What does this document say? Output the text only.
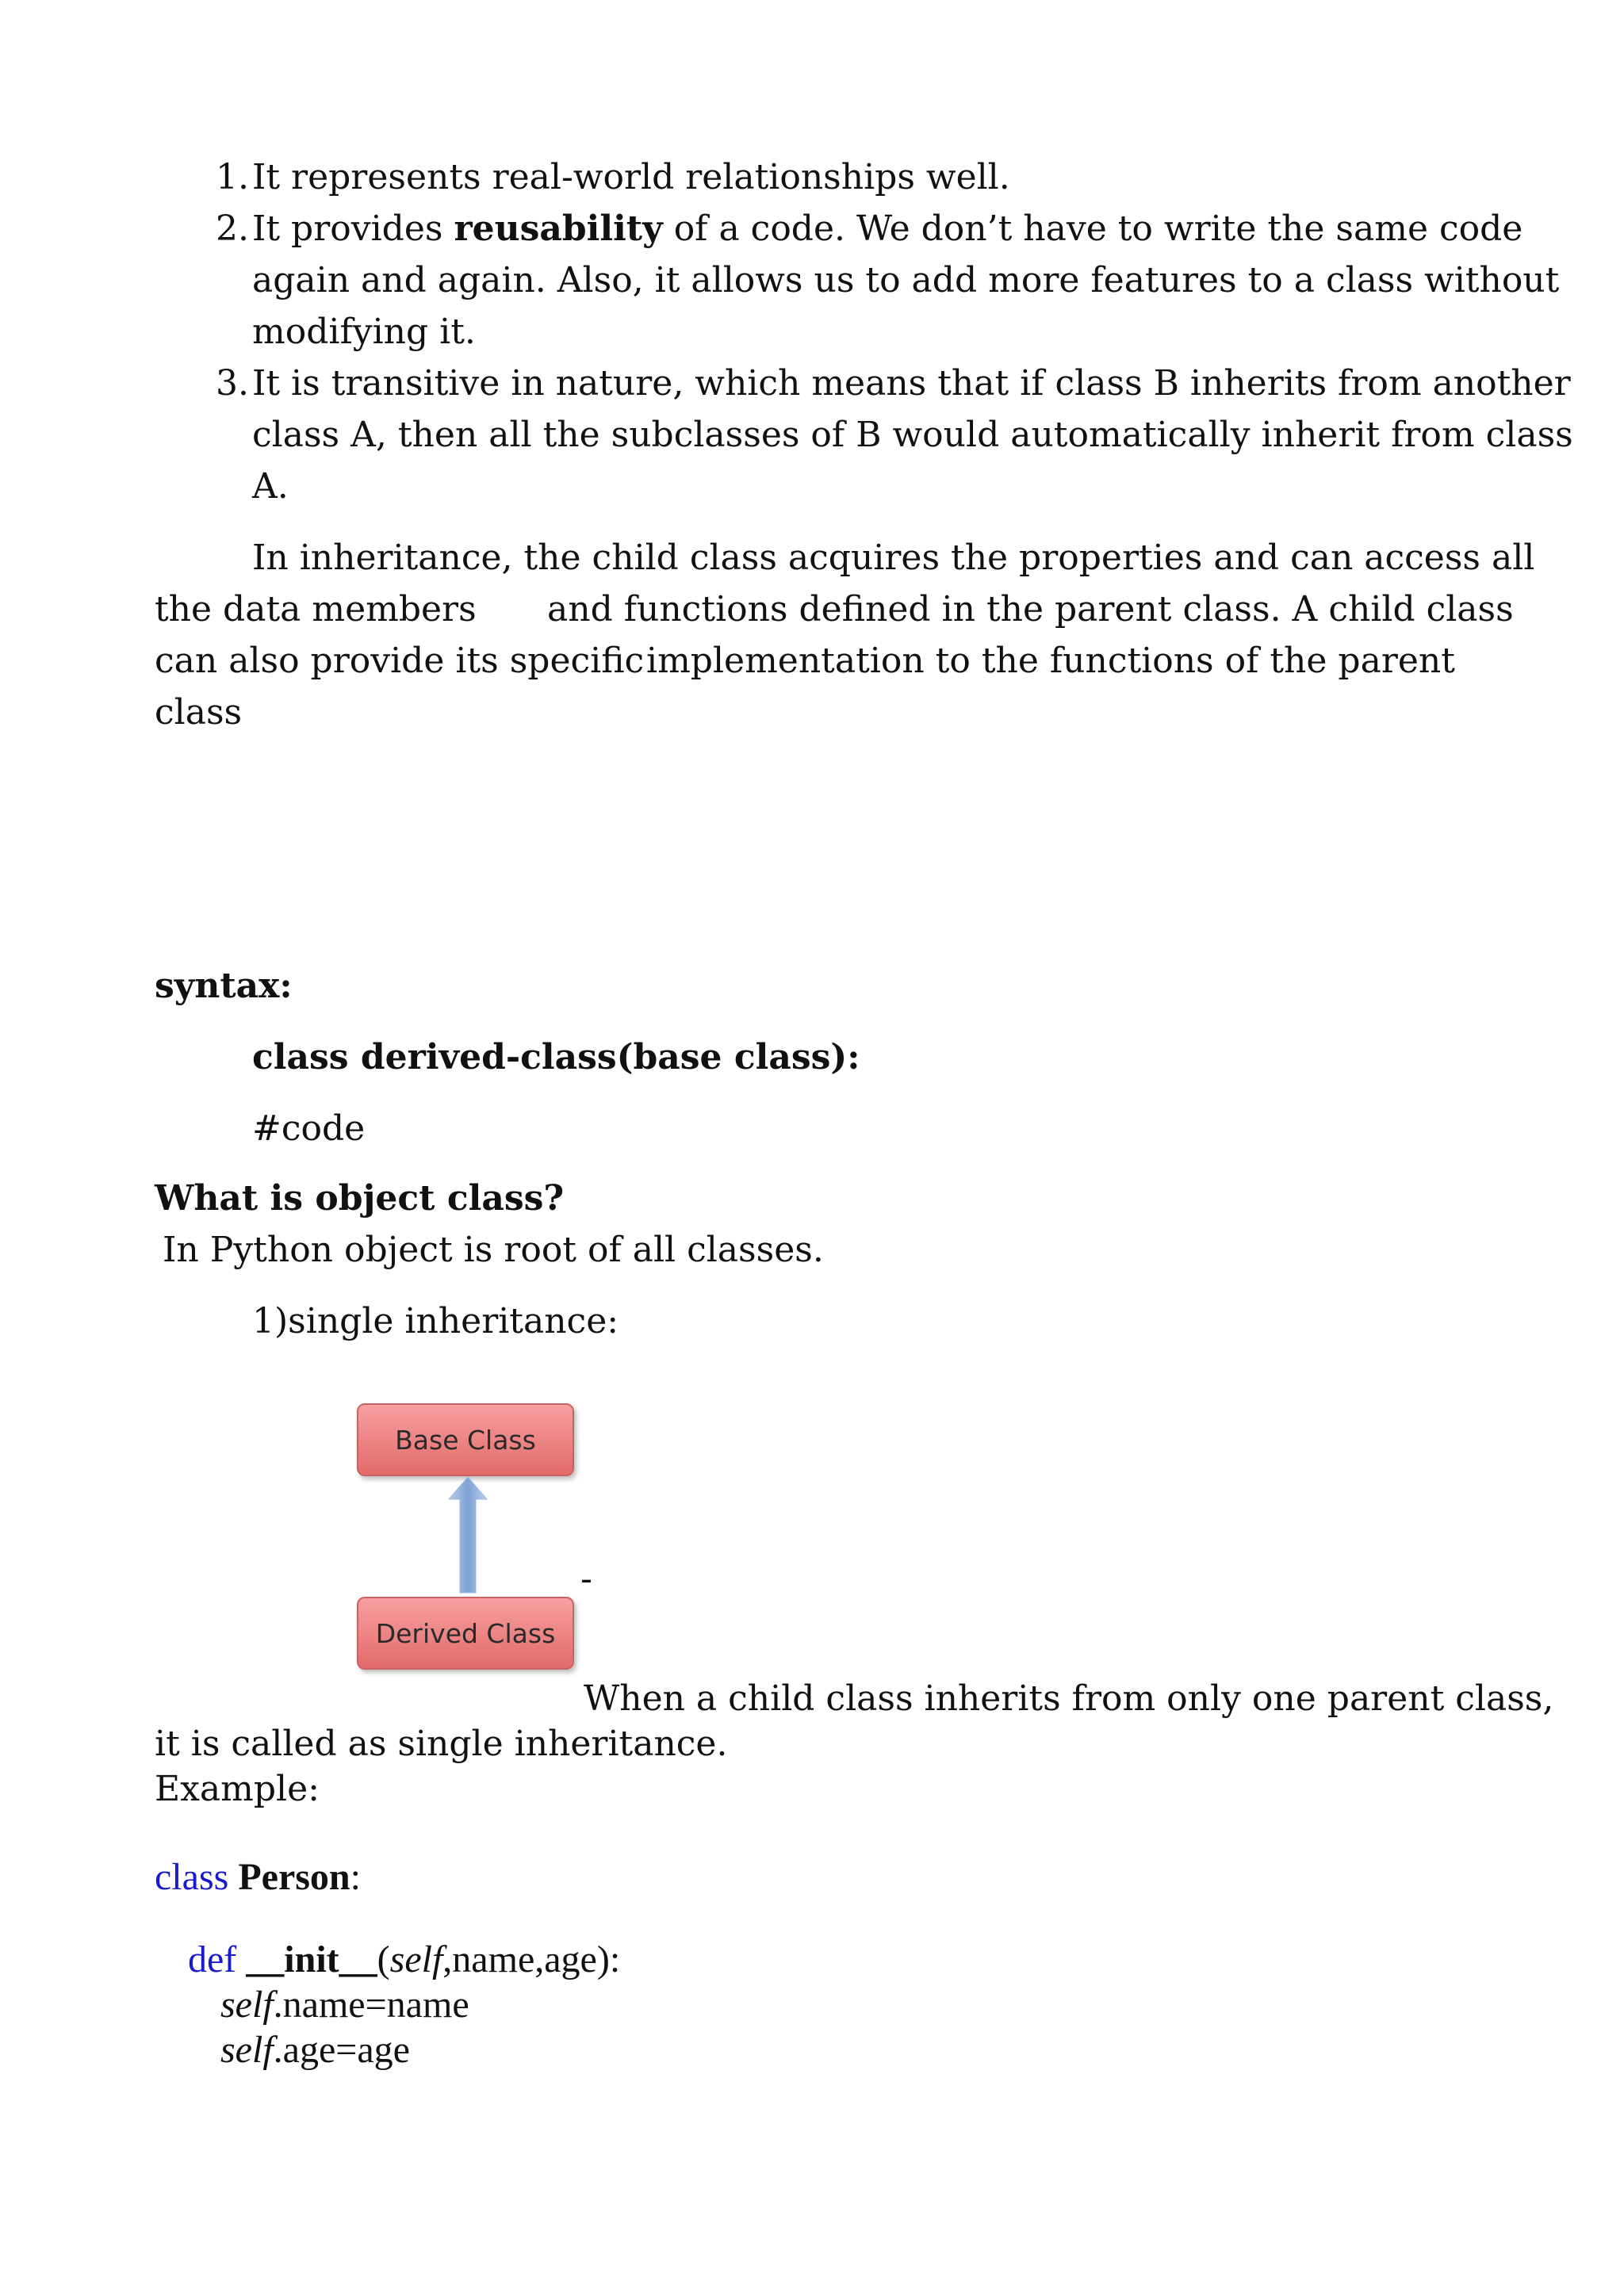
1.It represents real-world relationships well.
2.It provides reusability of a code. We don’t have to write the same code
again and again. Also, it allows us to add more features to a class without
modifying it.
3.It is transitive in nature, which means that if class B inherits from another
class A, then all the subclasses of B would automatically inherit from class
A.
In inheritance, the child class acquires the properties and can access all
the data members and functions defined in the parent class. A child class
can also provide its specific implementation to the functions of the parent
class
syntax:
class derived-class(base class):
#code
What is object class?
In Python object is root of all classes.
1)single inheritance:
Base Class
Derived Class
-
When a child class inherits from only one parent class,
it is called as single inheritance.
Example:
class Person:
def __init__(self,name,age):
self.name=name
self.age=age
